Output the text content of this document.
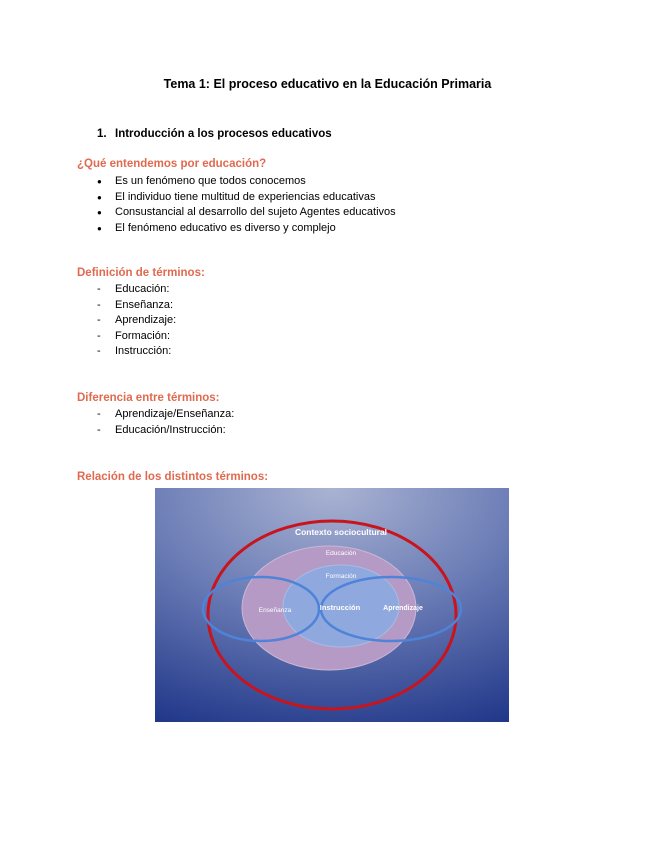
Tema 1: El proceso educativo en la Educación Primaria
1. Introducción a los procesos educativos
¿Qué entendemos por educación?
● Es un fenómeno que todos conocemos
● El individuo tiene multitud de experiencias educativas
● Consustancial al desarrollo del sujeto Agentes educativos
● El fenómeno educativo es diverso y complejo
Definición de términos:
- Educación:
- Enseñanza:
- Aprendizaje:
- Formación:
- Instrucción:
Diferencia entre términos:
- Aprendizaje/Enseñanza:
- Educación/Instrucción:
Relación de los distintos términos:
Contexto sociocultural
Educación
Formación
Instrucción
Enseñanza	Aprendizaje
